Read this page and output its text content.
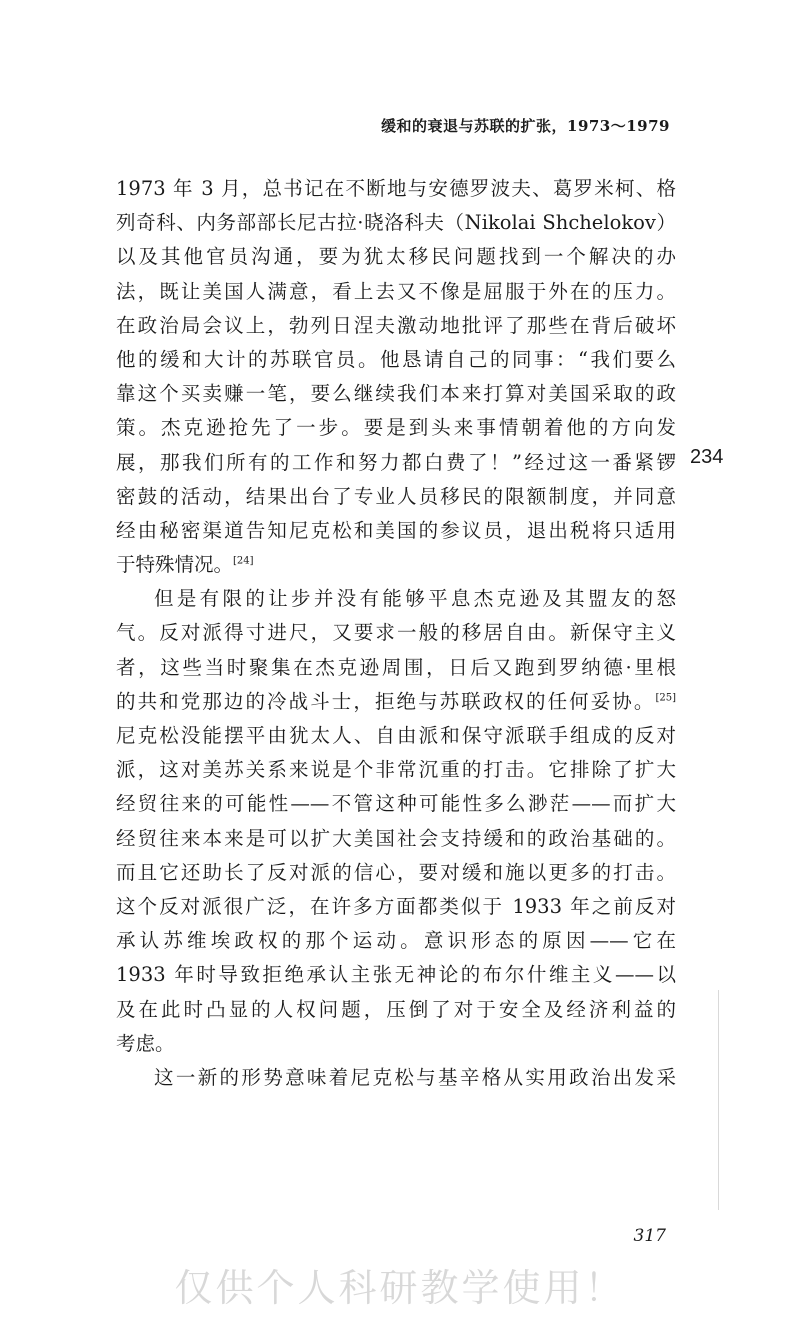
缓和的衰退与苏联的扩张，1973～1979
1973 年 3 月，总书记在不断地与安德罗波夫、葛罗米柯、格
列奇科、内务部部长尼古拉·晓洛科夫（Nikolai Shchelokov）
以及其他官员沟通，要为犹太移民问题找到一个解决的办
法，既让美国人满意，看上去又不像是屈服于外在的压力。
在政治局会议上，勃列日涅夫激动地批评了那些在背后破坏
他的缓和大计的苏联官员。他恳请自己的同事：“我们要么
靠这个买卖赚一笔，要么继续我们本来打算对美国采取的政
策。杰克逊抢先了一步。要是到头来事情朝着他的方向发
展，那我们所有的工作和努力都白费了！”经过这一番紧锣
密鼓的活动，结果出台了专业人员移民的限额制度，并同意
经由秘密渠道告知尼克松和美国的参议员，退出税将只适用
于特殊情况。[24]
但是有限的让步并没有能够平息杰克逊及其盟友的怒
气。反对派得寸进尺，又要求一般的移居自由。新保守主义
者，这些当时聚集在杰克逊周围，日后又跑到罗纳德·里根
的共和党那边的冷战斗士，拒绝与苏联政权的任何妥协。[25]
尼克松没能摆平由犹太人、自由派和保守派联手组成的反对
派，这对美苏关系来说是个非常沉重的打击。它排除了扩大
经贸往来的可能性——不管这种可能性多么渺茫——而扩大
经贸往来本来是可以扩大美国社会支持缓和的政治基础的。
而且它还助长了反对派的信心，要对缓和施以更多的打击。
这个反对派很广泛，在许多方面都类似于 1933 年之前反对
承认苏维埃政权的那个运动。意识形态的原因——它在
1933 年时导致拒绝承认主张无神论的布尔什维主义——以
及在此时凸显的人权问题，压倒了对于安全及经济利益的
考虑。
这一新的形势意味着尼克松与基辛格从实用政治出发采
234
317
仅供个人科研教学使用！
